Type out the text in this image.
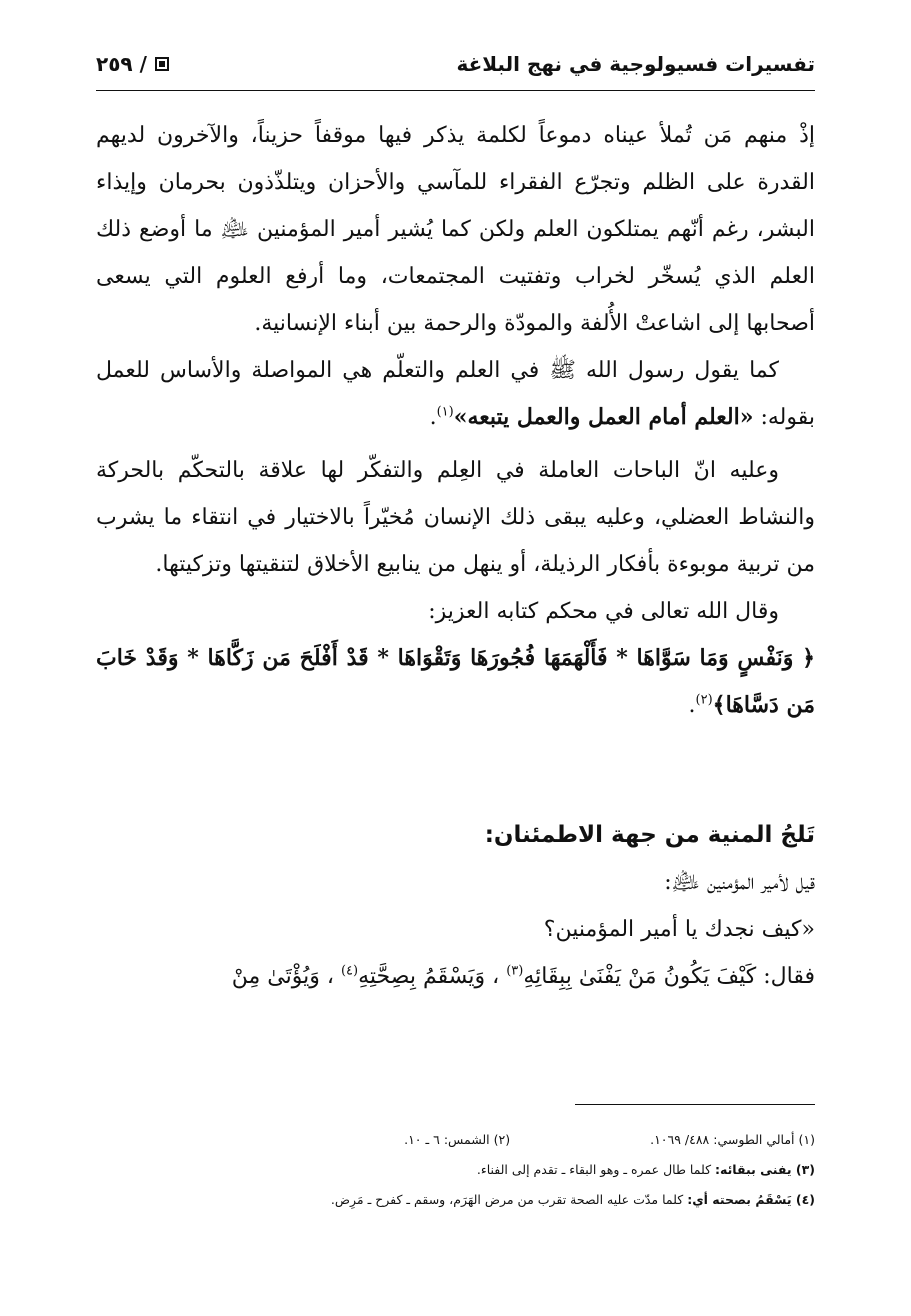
تفسيرات فسيولوجية في نهج البلاغة
٢٥٩ /

إذْ منهم مَن تُملأ عيناه دموعاً لكلمة يذكر فيها موقفاً حزيناً، والآخرون لديهم القدرة على الظلم وتجرّع الفقراء للمآسي والأحزان ويتلذّذون بحرمان وإيذاء البشر، رغم أنّهم يمتلكون العلم ولكن كما يُشير أمير المؤمنين ﵇ ما أوضع ذلك العلم الذي يُسخّر لخراب وتفتيت المجتمعات، وما أرفع العلوم التي يسعى أصحابها إلى اشاعتْ الأُلفة والمودّة والرحمة بين أبناء الإنسانية.

كما يقول رسول الله ﷺ في العلم والتعلّم هي المواصلة والأساس للعمل بقوله: «العلم أمام العمل والعمل يتبعه»$^{(١)}$.

وعليه انّ الباحات العاملة في العِلم والتفكّر لها علاقة بالتحكّم بالحركة والنشاط العضلي، وعليه يبقى ذلك الإنسان مُخيّراً بالاختيار في انتقاء ما يشرب من تربية موبوءة بأفكار الرذيلة، أو ينهل من ينابيع الأخلاق لتنقيتها وتزكيتها.

وقال الله تعالى في محكم كتابه العزيز:

﴿ وَنَفْسٍ وَمَا سَوَّاهَا * فَأَلْهَمَهَا فُجُورَهَا وَتَقْوَاهَا * قَدْ أَفْلَحَ مَن زَكَّاهَا * وَقَدْ خَابَ مَن دَسَّاهَا﴾$^{(٢)}$.

تَلجُ المنية من جهة الاطمئنان:

قيل لأمير المؤمنين ﵇:

«كيف نجدك يا أمير المؤمنين؟

فقال: كَيْفَ يَكُونُ مَنْ يَفْنَىٰ بِبِقَائِهِ$^{(٣)}$ ، وَيَسْقَمُ بِصِحَّتِهِ$^{(٤)}$ ، وَيُؤْتَىٰ مِنْ

(١) أمالي الطوسي: ٤٨٨/ ١٠٦٩.

(٢) الشمس: ٦ ـ ١٠.

(٣) يفنى ببقائه: كلما طال عمره ـ وهو البقاء ـ تقدم إلى الفناء.

(٤) يَسْقَمُ بصحته أي: كلما مدّت عليه الصحة تقرب من مرض الهَرَم، وسقم ـ كفرح ـ مَرِض.
